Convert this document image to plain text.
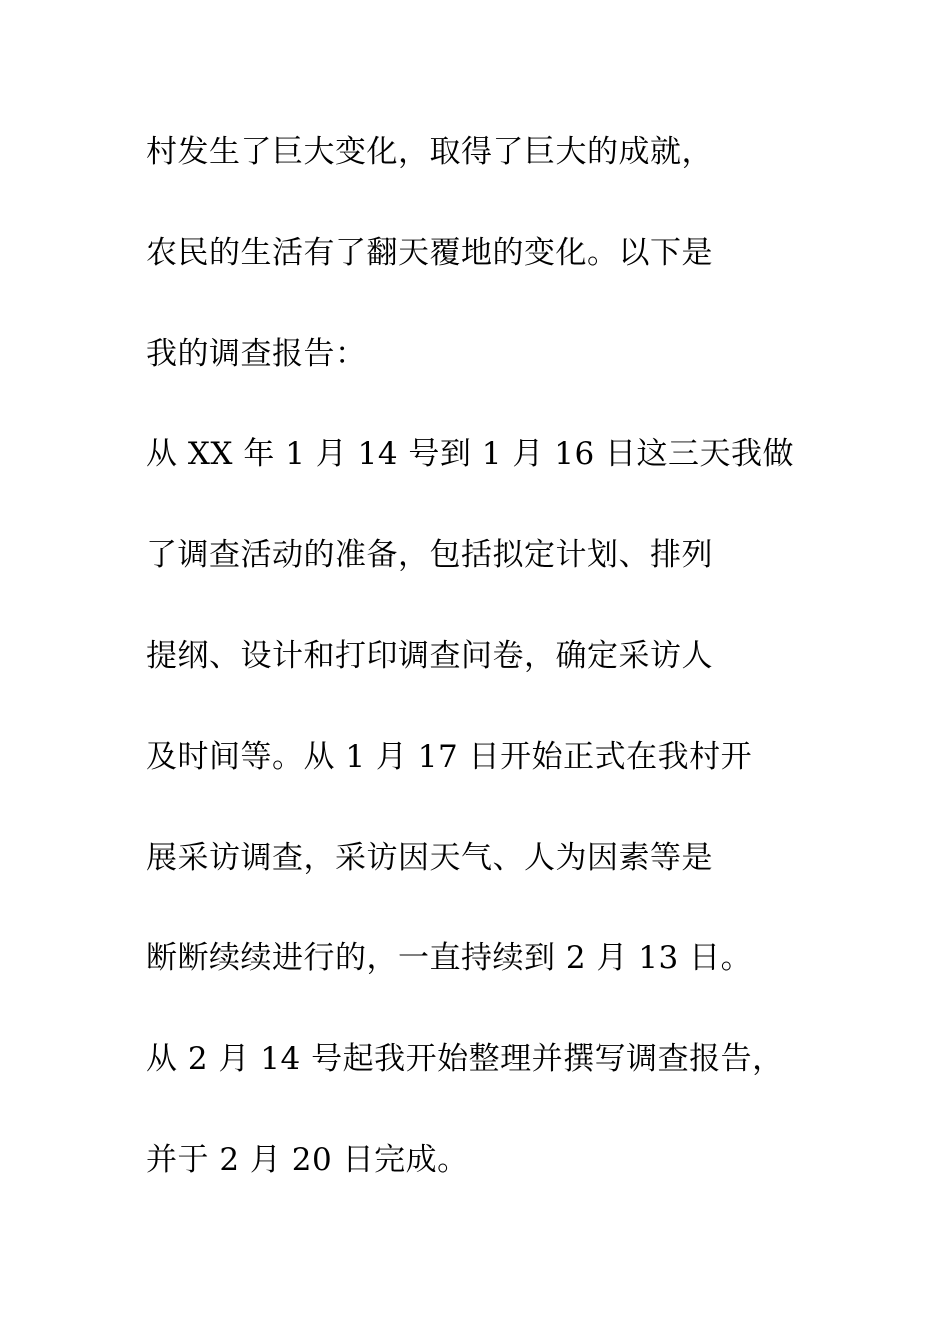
村发生了巨大变化，取得了巨大的成就，
农民的生活有了翻天覆地的变化。以下是
我的调查报告：
从 XX 年 1 月 14 号到 1 月 16 日这三天我做
了调查活动的准备，包括拟定计划、排列
提纲、设计和打印调查问卷，确定采访人
及时间等。从 1 月 17 日开始正式在我村开
展采访调查，采访因天气、人为因素等是
断断续续进行的，一直持续到 2 月 13 日。
从 2 月 14 号起我开始整理并撰写调查报告，
并于 2 月 20 日完成。
